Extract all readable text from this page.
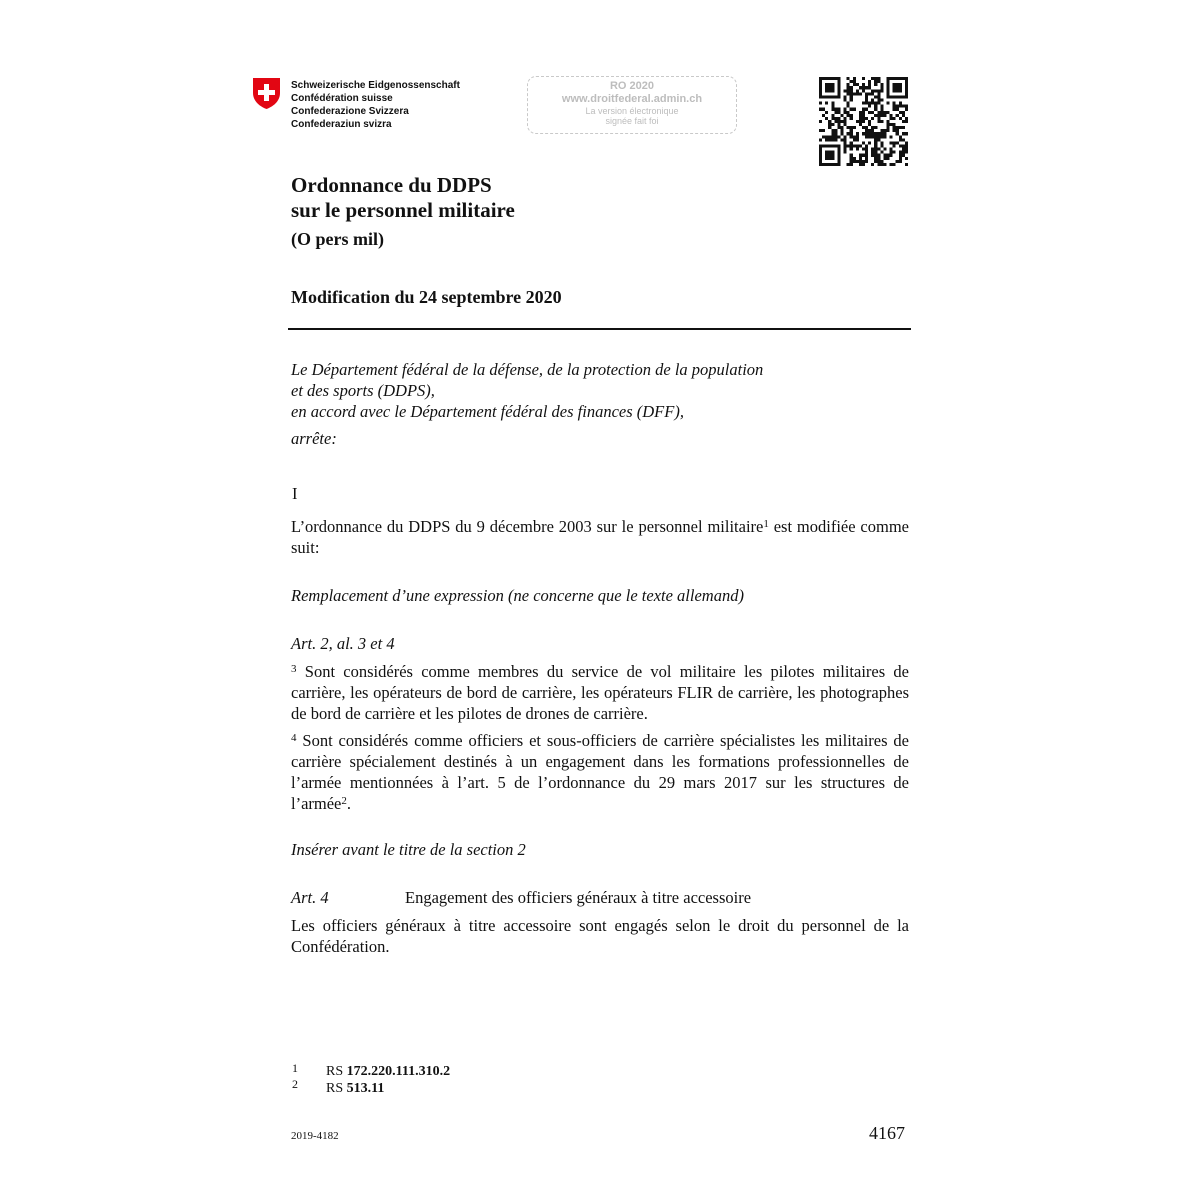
Schweizerische Eidgenossenschaft
Confédération suisse
Confederazione Svizzera
Confederaziun svizra
RO 2020
www.droitfederal.admin.ch
La version électronique
signée fait foi
Ordonnance du DDPS
sur le personnel militaire
(O pers mil)
Modification du 24 septembre 2020
Le Département fédéral de la défense, de la protection de la population
et des sports (DDPS),
en accord avec le Département fédéral des finances (DFF),
arrête:
I
L’ordonnance du DDPS du 9 décembre 2003 sur le personnel militaire$^1$ est modifiée comme suit:
Remplacement d’une expression (ne concerne que le texte allemand)
Art. 2, al. 3 et 4
$^3$ Sont considérés comme membres du service de vol militaire les pilotes militaires de carrière, les opérateurs de bord de carrière, les opérateurs FLIR de carrière, les photographes de bord de carrière et les pilotes de drones de carrière.
$^4$ Sont considérés comme officiers et sous-officiers de carrière spécialistes les militaires de carrière spécialement destinés à un engagement dans les formations professionnelles de l’armée mentionnées à l’art. 5 de l’ordonnance du 29 mars 2017 sur les structures de l’armée$^2$.
Insérer avant le titre de la section 2
Art. 4	Engagement des officiers généraux à titre accessoire
Les officiers généraux à titre accessoire sont engagés selon le droit du personnel de la Confédération.
1 RS 172.220.111.310.2
2 RS 513.11
2019-4182	4167
